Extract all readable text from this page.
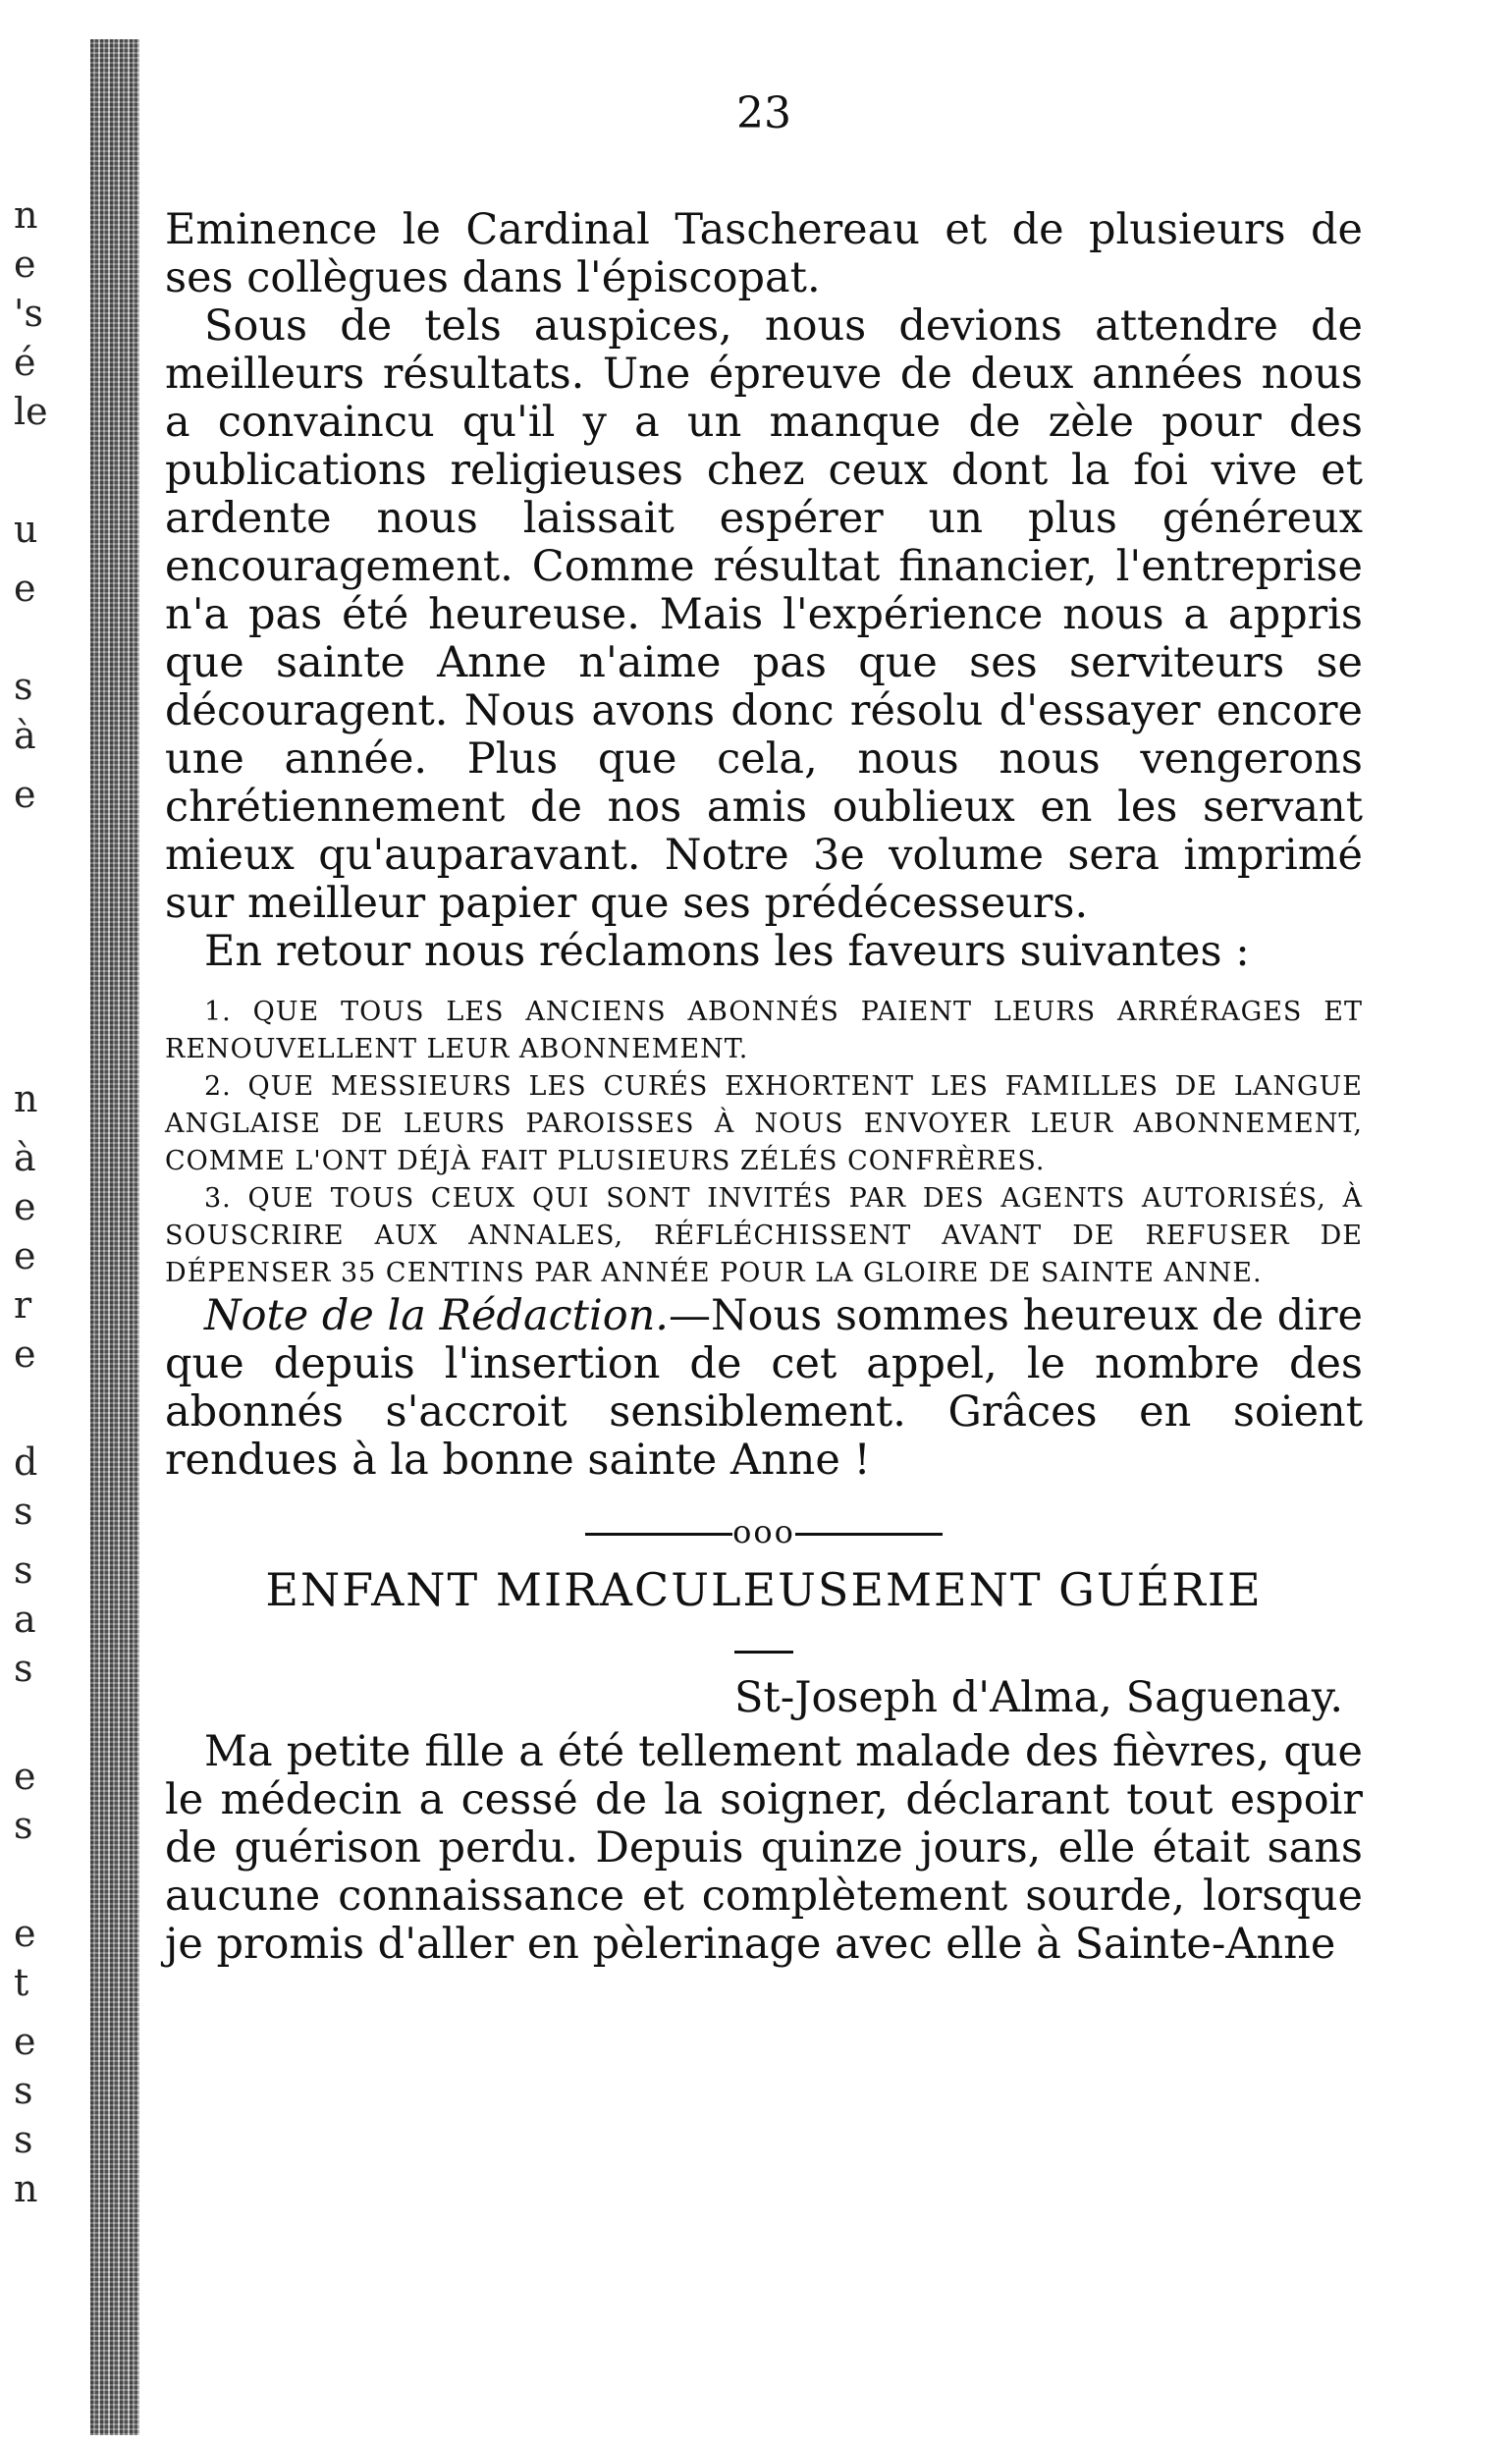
n
e
's
é
le
u
e
s
à
e
n
à
e
e
r
e
d
s
s
a
s
e
s
e
t
e
s
s
n
23

Eminence le Cardinal Taschereau et de plusieurs de ses collègues dans l'épiscopat.

Sous de tels auspices, nous devions attendre de meilleurs résultats. Une épreuve de deux années nous a convaincu qu'il y a un manque de zèle pour des publications religieuses chez ceux dont la foi vive et ardente nous laissait espérer un plus généreux encouragement. Comme résultat financier, l'entreprise n'a pas été heureuse. Mais l'expérience nous a appris que sainte Anne n'aime pas que ses serviteurs se découragent. Nous avons donc résolu d'essayer encore une année. Plus que cela, nous nous vengerons chrétiennement de nos amis oublieux en les servant mieux qu'auparavant. Notre 3e volume sera imprimé sur meilleur papier que ses prédécesseurs.

En retour nous réclamons les faveurs suivantes :

1. QUE TOUS LES ANCIENS ABONNÉS PAIENT LEURS ARRÉRAGES ET RENOUVELLENT LEUR ABONNEMENT.

2. QUE MESSIEURS LES CURÉS EXHORTENT LES FAMILLES DE LANGUE ANGLAISE DE LEURS PAROISSES À NOUS ENVOYER LEUR ABONNEMENT, COMME L'ONT DÉJÀ FAIT PLUSIEURS ZÉLÉS CONFRÈRES.

3. QUE TOUS CEUX QUI SONT INVITÉS PAR DES AGENTS AUTORISÉS, À SOUSCRIRE AUX ANNALES, RÉFLÉCHISSENT AVANT DE REFUSER DE DÉPENSER 35 CENTINS PAR ANNÉE POUR LA GLOIRE DE SAINTE ANNE.

Note de la Rédaction.—Nous sommes heureux de dire que depuis l'insertion de cet appel, le nombre des abonnés s'accroit sensiblement. Grâces en soient rendues à la bonne sainte Anne !

ooo
ENFANT MIRACULEUSEMENT GUÉRIE
St-Joseph d'Alma, Saguenay.

Ma petite fille a été tellement malade des fièvres, que le médecin a cessé de la soigner, déclarant tout espoir de guérison perdu. Depuis quinze jours, elle était sans aucune connaissance et complètement sourde, lorsque je promis d'aller en pèlerinage avec elle à Sainte-Anne
